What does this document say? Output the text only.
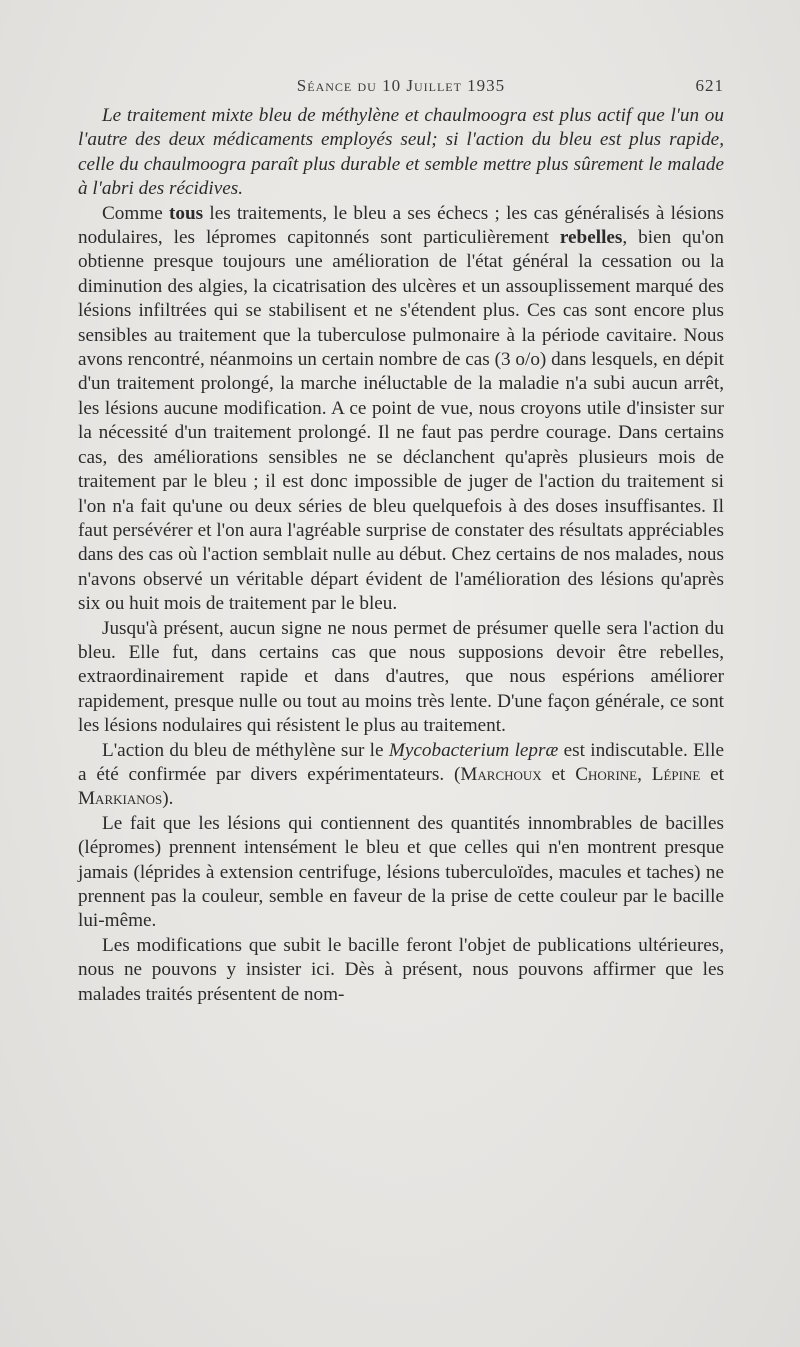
Séance du 10 Juillet 1935	621

Le traitement mixte bleu de méthylène et chaulmoogra est plus actif que l'un ou l'autre des deux médicaments employés seul; si l'action du bleu est plus rapide, celle du chaulmoogra paraît plus durable et semble mettre plus sûrement le malade à l'abri des récidives.

Comme tous les traitements, le bleu a ses échecs ; les cas généralisés à lésions nodulaires, les lépromes capitonnés sont particulièrement rebelles, bien qu'on obtienne presque toujours une amélioration de l'état général la cessation ou la diminution des algies, la cicatrisation des ulcères et un assouplissement marqué des lésions infiltrées qui se stabilisent et ne s'étendent plus. Ces cas sont encore plus sensibles au traitement que la tuberculose pulmonaire à la période cavitaire. Nous avons rencontré, néanmoins un certain nombre de cas (3 o/o) dans lesquels, en dépit d'un traitement prolongé, la marche inéluctable de la maladie n'a subi aucun arrêt, les lésions aucune modification. A ce point de vue, nous croyons utile d'insister sur la nécessité d'un traitement prolongé. Il ne faut pas perdre courage. Dans certains cas, des améliorations sensibles ne se déclanchent qu'après plusieurs mois de traitement par le bleu ; il est donc impossible de juger de l'action du traitement si l'on n'a fait qu'une ou deux séries de bleu quelquefois à des doses insuffisantes. Il faut persévérer et l'on aura l'agréable surprise de constater des résultats appréciables dans des cas où l'action semblait nulle au début. Chez certains de nos malades, nous n'avons observé un véritable départ évident de l'amélioration des lésions qu'après six ou huit mois de traitement par le bleu.

Jusqu'à présent, aucun signe ne nous permet de présumer quelle sera l'action du bleu. Elle fut, dans certains cas que nous supposions devoir être rebelles, extraordinairement rapide et dans d'autres, que nous espérions améliorer rapidement, presque nulle ou tout au moins très lente. D'une façon générale, ce sont les lésions nodulaires qui résistent le plus au traitement.

L'action du bleu de méthylène sur le Mycobacterium lepræ est indiscutable. Elle a été confirmée par divers expérimentateurs. (Marchoux et Chorine, Lépine et Markianos).

Le fait que les lésions qui contiennent des quantités innombrables de bacilles (lépromes) prennent intensément le bleu et que celles qui n'en montrent presque jamais (léprides à extension centrifuge, lésions tuberculoïdes, macules et taches) ne prennent pas la couleur, semble en faveur de la prise de cette couleur par le bacille lui-même.

Les modifications que subit le bacille feront l'objet de publications ultérieures, nous ne pouvons y insister ici. Dès à présent, nous pouvons affirmer que les malades traités présentent de nom-
